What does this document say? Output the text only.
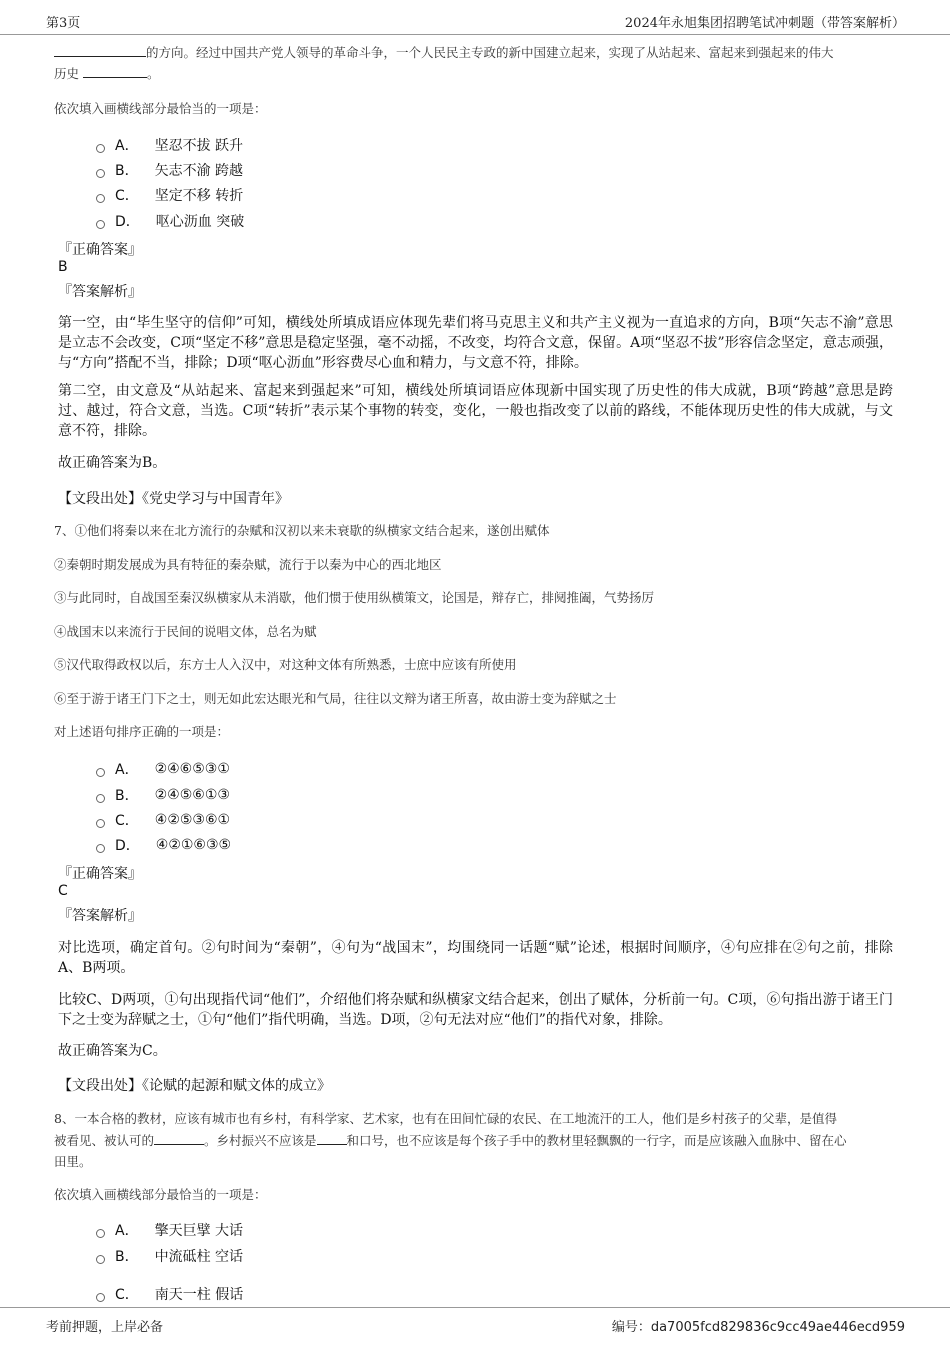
第3页	2024年永旭集团招聘笔试冲刺题（带答案解析）
的方向。经过中国共产党人领导的革命斗争，一个人民民主专政的新中国建立起来，实现了从站起来、富起来到强起来的伟大
历史	。
依次填入画横线部分最恰当的一项是：
A． 坚忍不拔 跃升
B． 矢志不渝 跨越
C． 坚定不移 转折
D． 呕心沥血 突破
『正确答案』
B
『答案解析』
第一空，由“毕生坚守的信仰”可知，横线处所填成语应体现先辈们将马克思主义和共产主义视为一直追求的方向，B项“矢志不渝”意思是立志不会改变，C项“坚定不移”意思是稳定坚强，毫不动摇，不改变，均符合文意，保留。A项“坚忍不拔”形容信念坚定，意志顽强，与“方向”搭配不当，排除；D项“呕心沥血”形容费尽心血和精力，与文意不符，排除。
第二空，由文意及“从站起来、富起来到强起来”可知，横线处所填词语应体现新中国实现了历史性的伟大成就，B项“跨越”意思是跨过、越过，符合文意，当选。C项“转折”表示某个事物的转变，变化，一般也指改变了以前的路线，不能体现历史性的伟大成就，与文意不符，排除。
故正确答案为B。
【文段出处】《党史学习与中国青年》
7、①他们将秦以来在北方流行的杂赋和汉初以来未衰歇的纵横家文结合起来，遂创出赋体
②秦朝时期发展成为具有特征的秦杂赋，流行于以秦为中心的西北地区
③与此同时，自战国至秦汉纵横家从未消歇，他们惯于使用纵横策文，论国是，辩存亡，排阋推阖，气势扬厉
④战国末以来流行于民间的说唱文体，总名为赋
⑤汉代取得政权以后，东方士人入汉中，对这种文体有所熟悉，士庶中应该有所使用
⑥至于游于诸王门下之士，则无如此宏达眼光和气局，往往以文辩为诸王所喜，故由游士变为辞赋之士
对上述语句排序正确的一项是：
A． ②④⑥⑤③①
B． ②④⑤⑥①③
C． ④②⑤③⑥①
D． ④②①⑥③⑤
『正确答案』
C
『答案解析』
对比选项，确定首句。②句时间为“秦朝”，④句为“战国末”，均围绕同一话题“赋”论述，根据时间顺序，④句应排在②句之前，排除A、B两项。
比较C、D两项，①句出现指代词“他们”，介绍他们将杂赋和纵横家文结合起来，创出了赋体，分析前一句。C项，⑥句指出游于诸王门下之士变为辞赋之士，①句“他们”指代明确，当选。D项，②句无法对应“他们”的指代对象，排除。
故正确答案为C。
【文段出处】《论赋的起源和赋文体的成立》
8、一本合格的教材，应该有城市也有乡村，有科学家、艺术家，也有在田间忙碌的农民、在工地流汗的工人，他们是乡村孩子的父辈，是值得
被看见、被认可的	。乡村振兴不应该是 和口号，也不应该是每个孩子手中的教材里轻飘飘的一行字，而是应该融入血脉中、留在心
田里。
依次填入画横线部分最恰当的一项是：
A． 擎天巨擘 大话
B． 中流砥柱 空话
C． 南天一柱 假话
考前押题，上岸必备	编号：da7005fcd829836c9cc49ae446ecd959
